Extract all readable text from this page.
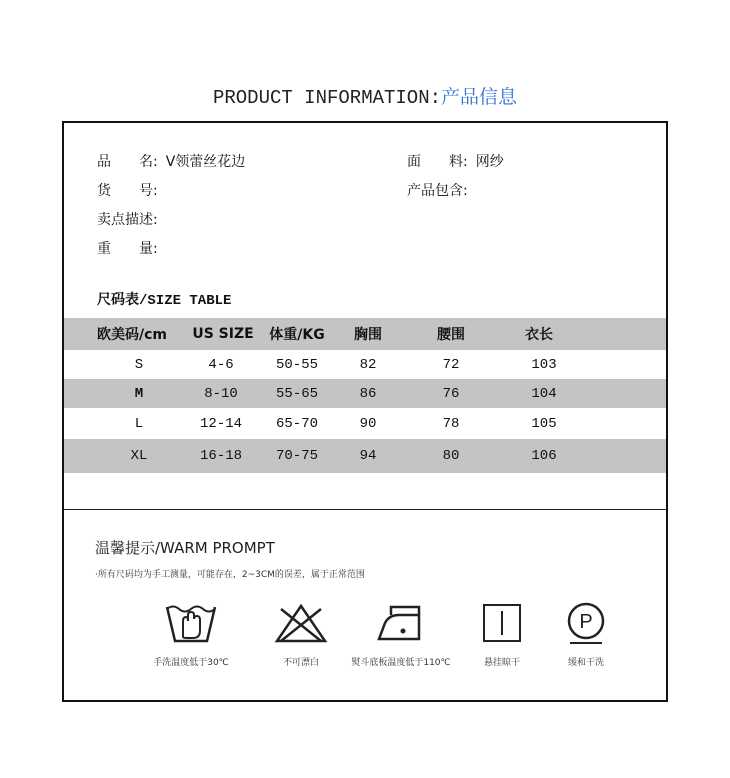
PRODUCT INFORMATION:产品信息
品　　名: V领蕾丝花边	面　　料: 网纱
货　　号:	产品包含:
卖点描述:
重　　量:
尺码表/SIZE TABLE
欧美码/cm	US SIZE	体重/KG	胸围	腰围	衣长
S	4-6	50-55	82	72	103
M	8-10	55-65	86	76	104
L	12-14	65-70	90	78	105
XL	16-18	70-75	94	80	106
温馨提示/WARM PROMPT
·所有尺码均为手工测量，可能存在，2~3CM的误差，属于正常范围
手洗温度低于30℃	不可漂白	熨斗底板温度低于110℃	悬挂晾干
P
缓和干洗
